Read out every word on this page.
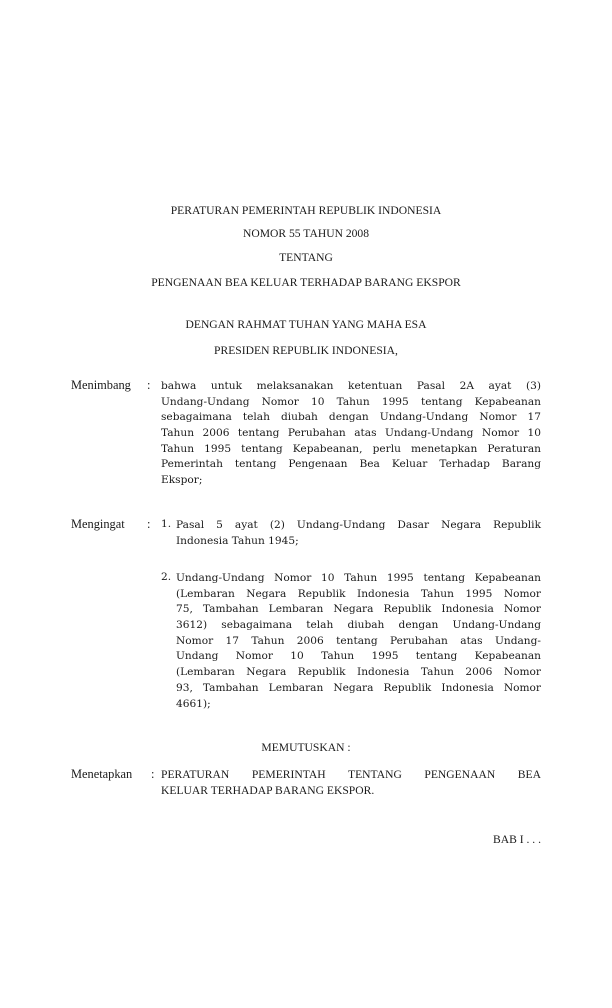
PERATURAN PEMERINTAH REPUBLIK INDONESIA
NOMOR 55 TAHUN 2008
TENTANG
PENGENAAN BEA KELUAR TERHADAP BARANG EKSPOR
DENGAN RAHMAT TUHAN YANG MAHA ESA
PRESIDEN REPUBLIK INDONESIA,
Menimbang : bahwa untuk melaksanakan ketentuan Pasal 2A ayat (3)
Undang-Undang Nomor 10 Tahun 1995 tentang Kepabeanan
sebagaimana telah diubah dengan Undang-Undang Nomor 17
Tahun 2006 tentang Perubahan atas Undang-Undang Nomor 10
Tahun 1995 tentang Kepabeanan, perlu menetapkan Peraturan
Pemerintah tentang Pengenaan Bea Keluar Terhadap Barang
Ekspor;
Mengingat : 1. Pasal 5 ayat (2) Undang-Undang Dasar Negara Republik
Indonesia Tahun 1945;
2. Undang-Undang Nomor 10 Tahun 1995 tentang Kepabeanan
(Lembaran Negara Republik Indonesia Tahun 1995 Nomor
75, Tambahan Lembaran Negara Republik Indonesia Nomor
3612) sebagaimana telah diubah dengan Undang-Undang
Nomor 17 Tahun 2006 tentang Perubahan atas Undang-
Undang Nomor 10 Tahun 1995 tentang Kepabeanan
(Lembaran Negara Republik Indonesia Tahun 2006 Nomor
93, Tambahan Lembaran Negara Republik Indonesia Nomor
4661);
MEMUTUSKAN :
Menetapkan : PERATURAN PEMERINTAH TENTANG PENGENAAN BEA
KELUAR TERHADAP BARANG EKSPOR.
BAB I . . .
